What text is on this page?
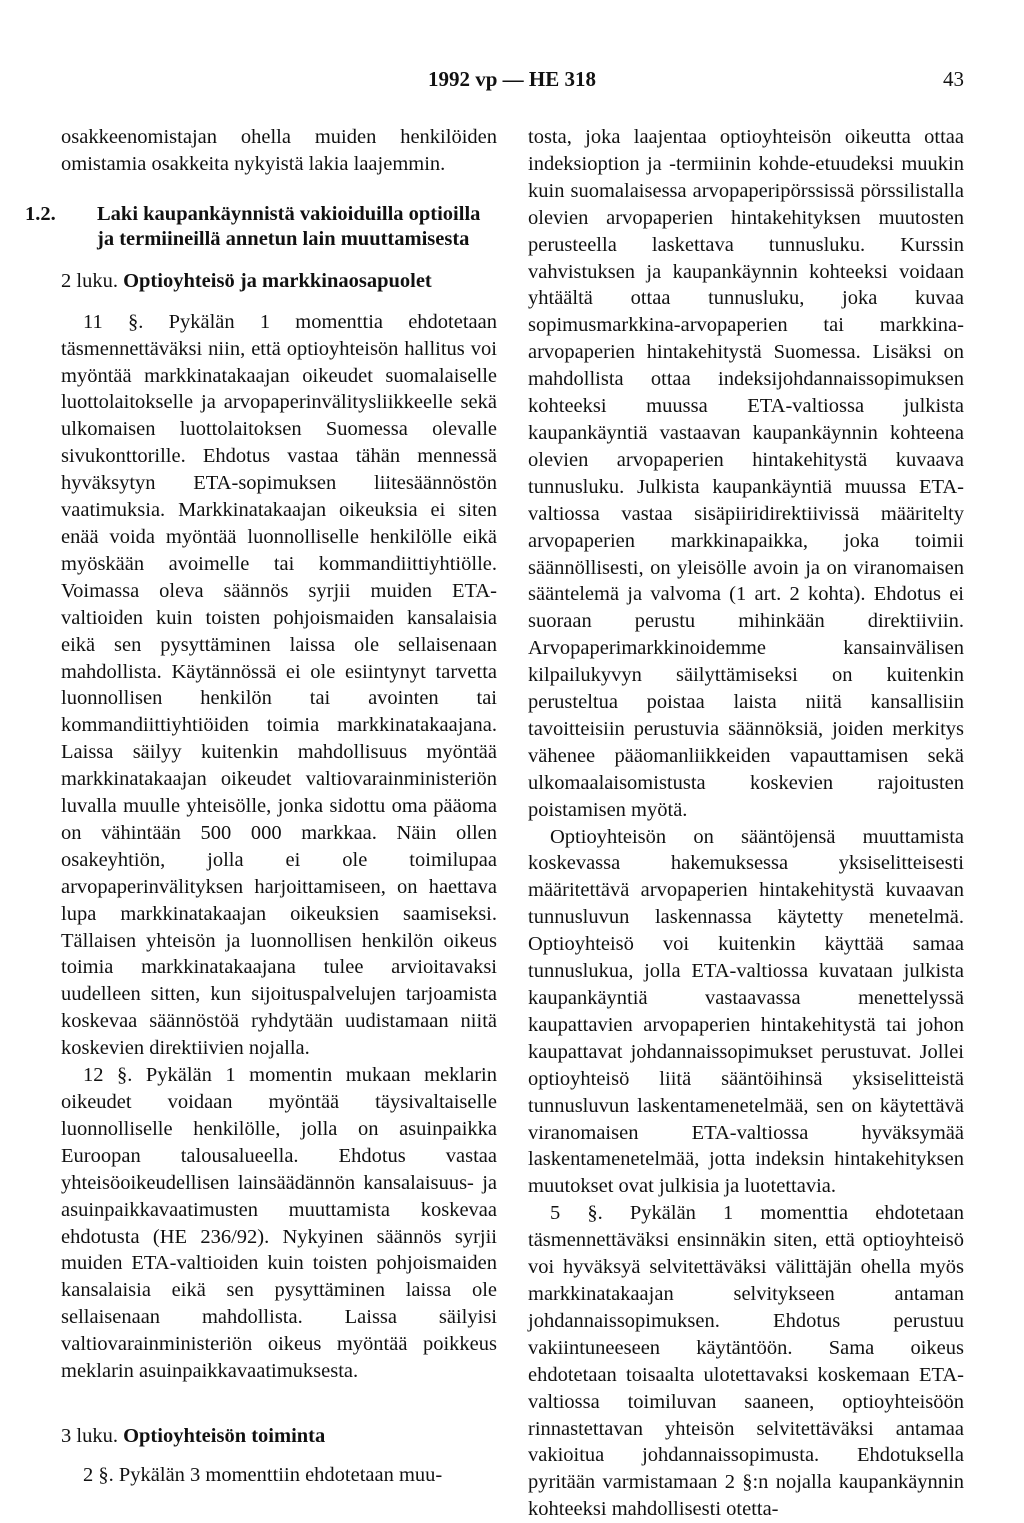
1992 vp — HE 318	43

osakkeenomistajan ohella muiden henkilöiden omistamia osakkeita nykyistä lakia laajemmin.

1.2. Laki kaupankäynnistä vakioiduilla optioilla ja termiineillä annetun lain muuttamisesta

2 luku. Optioyhteisö ja markkinaosapuolet

11 §. Pykälän 1 momenttia ehdotetaan täsmennettäväksi niin, että optioyhteisön hallitus voi myöntää markkinatakaajan oikeudet suomalaiselle luottolaitokselle ja arvopaperinvälitysliikkeelle sekä ulkomaisen luottolaitoksen Suomessa olevalle sivukonttorille. Ehdotus vastaa tähän mennessä hyväksytyn ETA-sopimuksen liitesäännöstön vaatimuksia. Markkinatakaajan oikeuksia ei siten enää voida myöntää luonnolliselle henkilölle eikä myöskään avoimelle tai kommandiittiyhtiölle. Voimassa oleva säännös syrjii muiden ETA-valtioiden kuin toisten pohjoismaiden kansalaisia eikä sen pysyttäminen laissa ole sellaisenaan mahdollista. Käytännössä ei ole esiintynyt tarvetta luonnollisen henkilön tai avointen tai kommandiittiyhtiöiden toimia markkinatakaajana. Laissa säilyy kuitenkin mahdollisuus myöntää markkinatakaajan oikeudet valtiovarainministeriön luvalla muulle yhteisölle, jonka sidottu oma pääoma on vähintään 500 000 markkaa. Näin ollen osakeyhtiön, jolla ei ole toimilupaa arvopaperinvälityksen harjoittamiseen, on haettava lupa markkinatakaajan oikeuksien saamiseksi. Tällaisen yhteisön ja luonnollisen henkilön oikeus toimia markkinatakaajana tulee arvioitavaksi uudelleen sitten, kun sijoituspalvelujen tarjoamista koskevaa säännöstöä ryhdytään uudistamaan niitä koskevien direktiivien nojalla.

12 §. Pykälän 1 momentin mukaan meklarin oikeudet voidaan myöntää täysivaltaiselle luonnolliselle henkilölle, jolla on asuinpaikka Euroopan talousalueella. Ehdotus vastaa yhteisöoikeudellisen lainsäädännön kansalaisuus- ja asuinpaikkavaatimusten muuttamista koskevaa ehdotusta (HE 236/92). Nykyinen säännös syrjii muiden ETA-valtioiden kuin toisten pohjoismaiden kansalaisia eikä sen pysyttäminen laissa ole sellaisenaan mahdollista. Laissa säilyisi valtiovarainministeriön oikeus myöntää poikkeus meklarin asuinpaikkavaatimuksesta.

3 luku. Optioyhteisön toiminta

2 §. Pykälän 3 momenttiin ehdotetaan muu-

tosta, joka laajentaa optioyhteisön oikeutta ottaa indeksioption ja -termiinin kohde-etuudeksi muukin kuin suomalaisessa arvopaperipörssissä pörssilistalla olevien arvopaperien hintakehityksen muutosten perusteella laskettava tunnusluku. Kurssin vahvistuksen ja kaupankäynnin kohteeksi voidaan yhtäältä ottaa tunnusluku, joka kuvaa sopimusmarkkina-arvopaperien tai markkina-arvopaperien hintakehitystä Suomessa. Lisäksi on mahdollista ottaa indeksijohdannaissopimuksen kohteeksi muussa ETA-valtiossa julkista kaupankäyntiä vastaavan kaupankäynnin kohteena olevien arvopaperien hintakehitystä kuvaava tunnusluku. Julkista kaupankäyntiä muussa ETA-valtiossa vastaa sisäpiiridirektiivissä määritelty arvopaperien markkinapaikka, joka toimii säännöllisesti, on yleisölle avoin ja on viranomaisen sääntelemä ja valvoma (1 art. 2 kohta). Ehdotus ei suoraan perustu mihinkään direktiiviin. Arvopaperimarkkinoidemme kansainvälisen kilpailukyvyn säilyttämiseksi on kuitenkin perusteltua poistaa laista niitä kansallisiin tavoitteisiin perustuvia säännöksiä, joiden merkitys vähenee pääomanliikkeiden vapauttamisen sekä ulkomaalaisomistusta koskevien rajoitusten poistamisen myötä.

Optioyhteisön on sääntöjensä muuttamista koskevassa hakemuksessa yksiselitteisesti määritettävä arvopaperien hintakehitystä kuvaavan tunnusluvun laskennassa käytetty menetelmä. Optioyhteisö voi kuitenkin käyttää samaa tunnuslukua, jolla ETA-valtiossa kuvataan julkista kaupankäyntiä vastaavassa menettelyssä kaupattavien arvopaperien hintakehitystä tai johon kaupattavat johdannaissopimukset perustuvat. Jollei optioyhteisö liitä sääntöihinsä yksiselitteistä tunnusluvun laskentamenetelmää, sen on käytettävä viranomaisen ETA-valtiossa hyväksymää laskentamenetelmää, jotta indeksin hintakehityksen muutokset ovat julkisia ja luotettavia.

5 §. Pykälän 1 momenttia ehdotetaan täsmennettäväksi ensinnäkin siten, että optioyhteisö voi hyväksyä selvitettäväksi välittäjän ohella myös markkinatakaajan selvitykseen antaman johdannaissopimuksen. Ehdotus perustuu vakiintuneeseen käytäntöön. Sama oikeus ehdotetaan toisaalta ulotettavaksi koskemaan ETA-valtiossa toimiluvan saaneen, optioyhteisöön rinnastettavan yhteisön selvitettäväksi antamaa vakioitua johdannaissopimusta. Ehdotuksella pyritään varmistamaan 2 §:n nojalla kaupankäynnin kohteeksi mahdollisesti otetta-
